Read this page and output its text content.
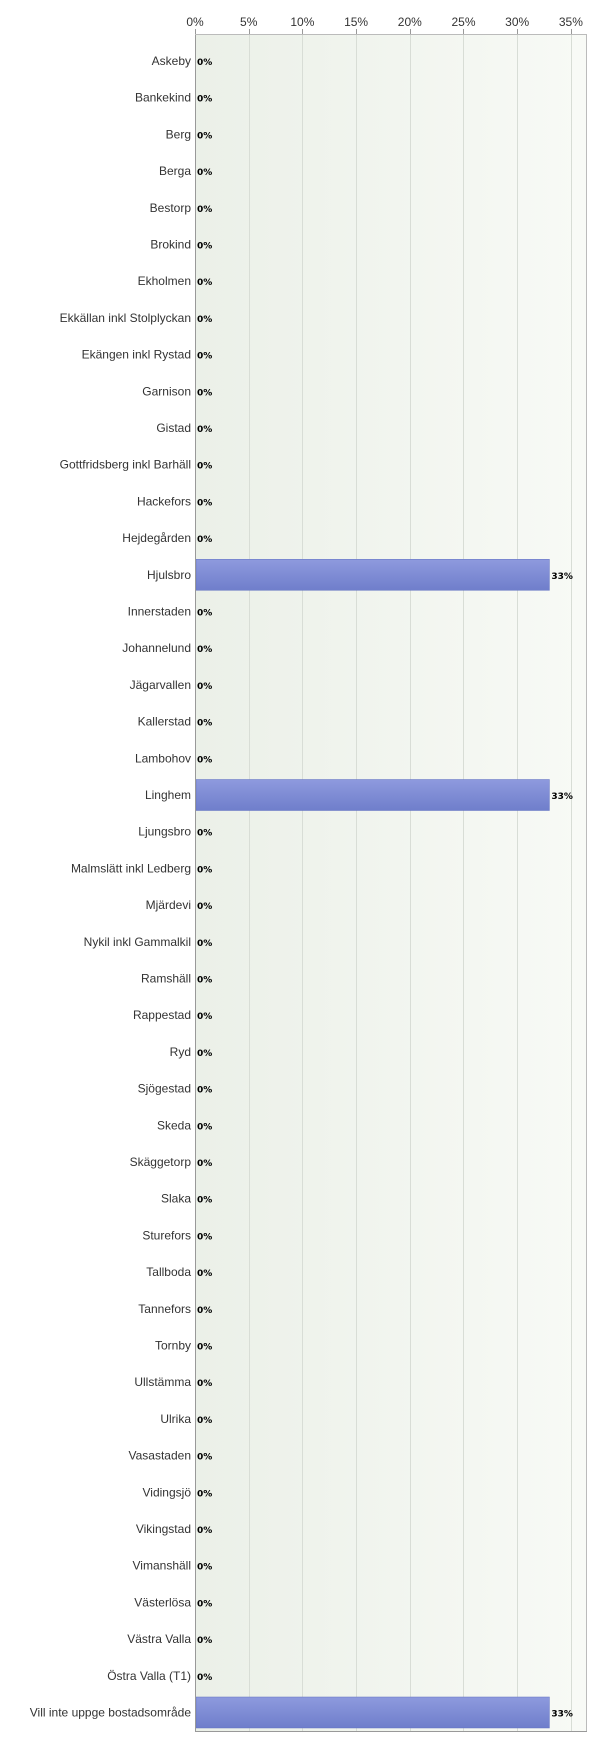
0%	5%	10% 15% 20% 25% 30% 35%
Askeby
Bankekind
Berg
Berga
Bestorp
Brokind
Ekholmen
Ekkällan inkl Stolplyckan
Ekängen inkl Rystad
Garnison
Gistad
Gottfridsberg inkl Barhäll
Hackefors
Hejdegården
Hjulsbro
Innerstaden
Johannelund
Jägarvallen
Kallerstad
Lambohov
Linghem
Ljungsbro
Malmslätt inkl Ledberg
Mjärdevi
Nykil inkl Gammalkil
Ramshäll
Rappestad
Ryd
Sjögestad
Skeda
Skäggetorp
Slaka
Sturefors
Tallboda
Tannefors
Tornby
Ullstämma
Ulrika
Vasastaden
Vidingsjö
Vikingstad
Vimanshäll
Västerlösa
Västra Valla
Östra Valla (T1)
Vill inte uppge bostadsområde
0%
0%
0%
0%
0%
0%
0%
0%
0%
0%
0%
0%
0%
0%
33%
0%
0%
0%
0%
0%
33%
0%
0%
0%
0%
0%
0%
0%
0%
0%
0%
0%
0%
0%
0%
0%
0%
0%
0%
0%
0%
0%
0%
0%
0%
33%
